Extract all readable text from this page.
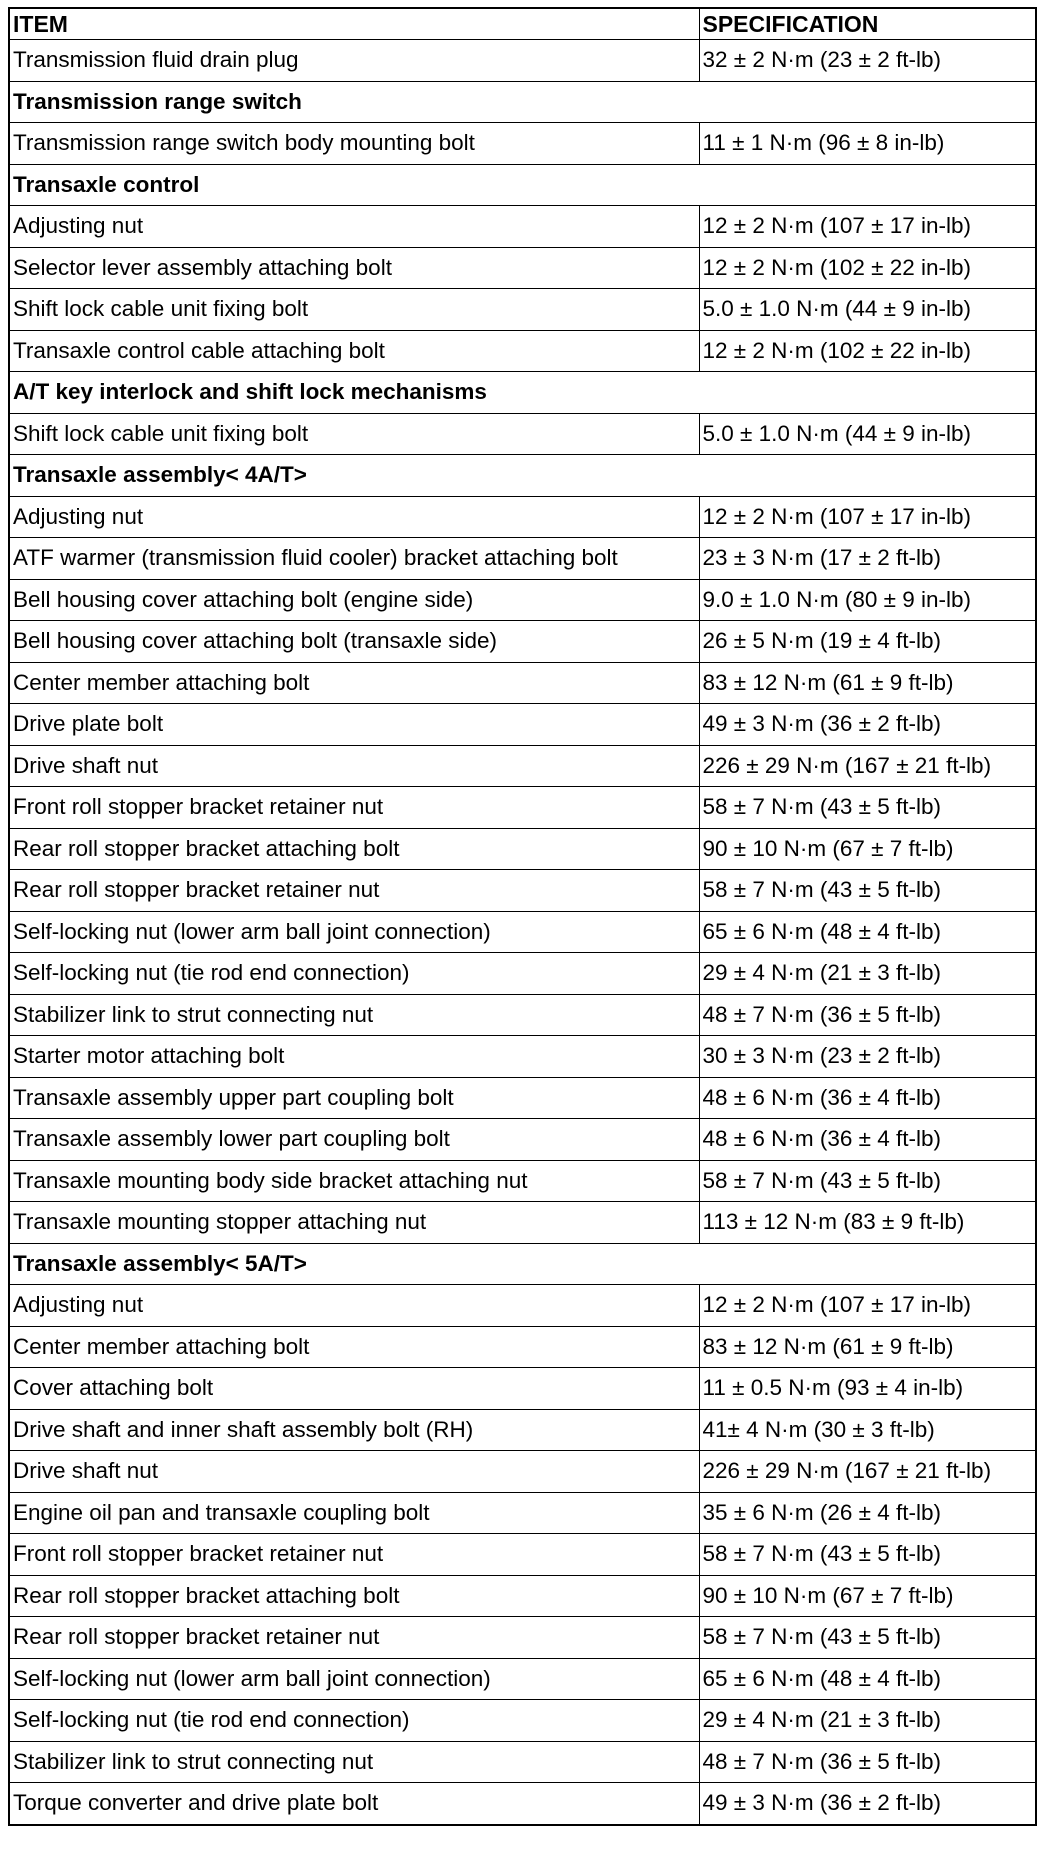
ITEM	SPECIFICATION
Transmission fluid drain plug	32 ± 2 N·m (23 ± 2 ft-lb)
Transmission range switch	
Transmission range switch body mounting bolt	11 ± 1 N·m (96 ± 8 in-lb)
Transaxle control	
Adjusting nut	12 ± 2 N·m (107 ± 17 in-lb)
Selector lever assembly attaching bolt	12 ± 2 N·m (102 ± 22 in-lb)
Shift lock cable unit fixing bolt	5.0 ± 1.0 N·m (44 ± 9 in-lb)
Transaxle control cable attaching bolt	12 ± 2 N·m (102 ± 22 in-lb)
A/T key interlock and shift lock mechanisms	
Shift lock cable unit fixing bolt	5.0 ± 1.0 N·m (44 ± 9 in-lb)
Transaxle assembly< 4A/T>	
Adjusting nut	12 ± 2 N·m (107 ± 17 in-lb)
ATF warmer (transmission fluid cooler) bracket attaching bolt	23 ± 3 N·m (17 ± 2 ft-lb)
Bell housing cover attaching bolt (engine side)	9.0 ± 1.0 N·m (80 ± 9 in-lb)
Bell housing cover attaching bolt (transaxle side)	26 ± 5 N·m (19 ± 4 ft-lb)
Center member attaching bolt	83 ± 12 N·m (61 ± 9 ft-lb)
Drive plate bolt	49 ± 3 N·m (36 ± 2 ft-lb)
Drive shaft nut	226 ± 29 N·m (167 ± 21 ft-lb)
Front roll stopper bracket retainer nut	58 ± 7 N·m (43 ± 5 ft-lb)
Rear roll stopper bracket attaching bolt	90 ± 10 N·m (67 ± 7 ft-lb)
Rear roll stopper bracket retainer nut	58 ± 7 N·m (43 ± 5 ft-lb)
Self-locking nut (lower arm ball joint connection)	65 ± 6 N·m (48 ± 4 ft-lb)
Self-locking nut (tie rod end connection)	29 ± 4 N·m (21 ± 3 ft-lb)
Stabilizer link to strut connecting nut	48 ± 7 N·m (36 ± 5 ft-lb)
Starter motor attaching bolt	30 ± 3 N·m (23 ± 2 ft-lb)
Transaxle assembly upper part coupling bolt	48 ± 6 N·m (36 ± 4 ft-lb)
Transaxle assembly lower part coupling bolt	48 ± 6 N·m (36 ± 4 ft-lb)
Transaxle mounting body side bracket attaching nut	58 ± 7 N·m (43 ± 5 ft-lb)
Transaxle mounting stopper attaching nut	113 ± 12 N·m (83 ± 9 ft-lb)
Transaxle assembly< 5A/T>	
Adjusting nut	12 ± 2 N·m (107 ± 17 in-lb)
Center member attaching bolt	83 ± 12 N·m (61 ± 9 ft-lb)
Cover attaching bolt	11 ± 0.5 N·m (93 ± 4 in-lb)
Drive shaft and inner shaft assembly bolt (RH)	41± 4 N·m (30 ± 3 ft-lb)
Drive shaft nut	226 ± 29 N·m (167 ± 21 ft-lb)
Engine oil pan and transaxle coupling bolt	35 ± 6 N·m (26 ± 4 ft-lb)
Front roll stopper bracket retainer nut	58 ± 7 N·m (43 ± 5 ft-lb)
Rear roll stopper bracket attaching bolt	90 ± 10 N·m (67 ± 7 ft-lb)
Rear roll stopper bracket retainer nut	58 ± 7 N·m (43 ± 5 ft-lb)
Self-locking nut (lower arm ball joint connection)	65 ± 6 N·m (48 ± 4 ft-lb)
Self-locking nut (tie rod end connection)	29 ± 4 N·m (21 ± 3 ft-lb)
Stabilizer link to strut connecting nut	48 ± 7 N·m (36 ± 5 ft-lb)
Torque converter and drive plate bolt	49 ± 3 N·m (36 ± 2 ft-lb)
